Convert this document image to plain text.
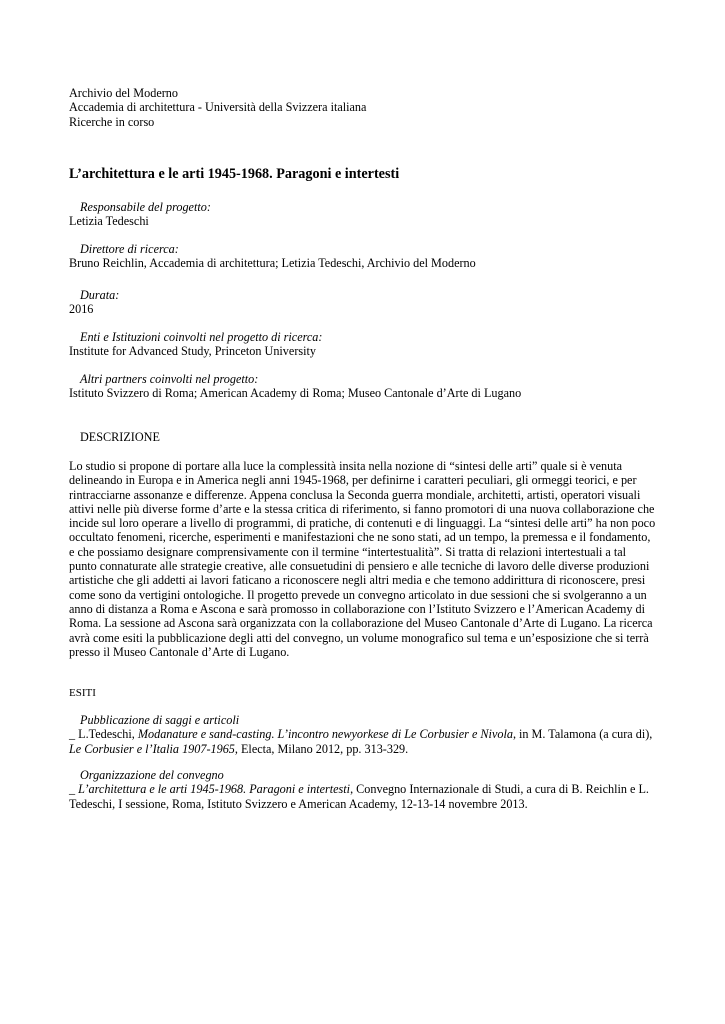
Archivio del Moderno
Accademia di architettura - Università della Svizzera italiana
Ricerche in corso
L’architettura e le arti 1945-1968. Paragoni e intertesti
Responsabile del progetto:
Letizia Tedeschi
Direttore di ricerca:
Bruno Reichlin, Accademia di architettura; Letizia Tedeschi, Archivio del Moderno
Durata:
2016
Enti e Istituzioni coinvolti nel progetto di ricerca:
Institute for Advanced Study, Princeton University
Altri partners coinvolti nel progetto:
Istituto Svizzero di Roma; American Academy di Roma; Museo Cantonale d’Arte di Lugano
DESCRIZIONE
Lo studio si propone di portare alla luce la complessità insita nella nozione di “sintesi delle arti” quale si è venuta
delineando in Europa e in America negli anni 1945-1968, per definirne i caratteri peculiari, gli ormeggi teorici, e per
rintracciarne assonanze e differenze. Appena conclusa la Seconda guerra mondiale, architetti, artisti, operatori visuali
attivi nelle più diverse forme d’arte e la stessa critica di riferimento, si fanno promotori di una nuova collaborazione che
incide sul loro operare a livello di programmi, di pratiche, di contenuti e di linguaggi. La “sintesi delle arti” ha non poco
occultato fenomeni, ricerche, esperimenti e manifestazioni che ne sono stati, ad un tempo, la premessa e il fondamento,
e che possiamo designare comprensivamente con il termine “intertestualità”. Si tratta di relazioni intertestuali a tal
punto connaturate alle strategie creative, alle consuetudini di pensiero e alle tecniche di lavoro delle diverse produzioni
artistiche che gli addetti ai lavori faticano a riconoscere negli altri media e che temono addirittura di riconoscere, presi
come sono da vertigini ontologiche. Il progetto prevede un convegno articolato in due sessioni che si svolgeranno a un
anno di distanza a Roma e Ascona e sarà promosso in collaborazione con l’Istituto Svizzero e l’American Academy di
Roma. La sessione ad Ascona sarà organizzata con la collaborazione del Museo Cantonale d’Arte di Lugano. La ricerca
avrà come esiti la pubblicazione degli atti del convegno, un volume monografico sul tema e un’esposizione che si terrà
presso il Museo Cantonale d’Arte di Lugano.
ESITI
Pubblicazione di saggi e articoli
_ L.Tedeschi, Modanature e sand-casting. L’incontro newyorkese di Le Corbusier e Nivola, in M. Talamona (a cura di),
Le Corbusier e l’Italia 1907-1965, Electa, Milano 2012, pp. 313-329.
Organizzazione del convegno
_ L’architettura e le arti 1945-1968. Paragoni e intertesti, Convegno Internazionale di Studi, a cura di B. Reichlin e L.
Tedeschi, I sessione, Roma, Istituto Svizzero e American Academy, 12-13-14 novembre 2013.
